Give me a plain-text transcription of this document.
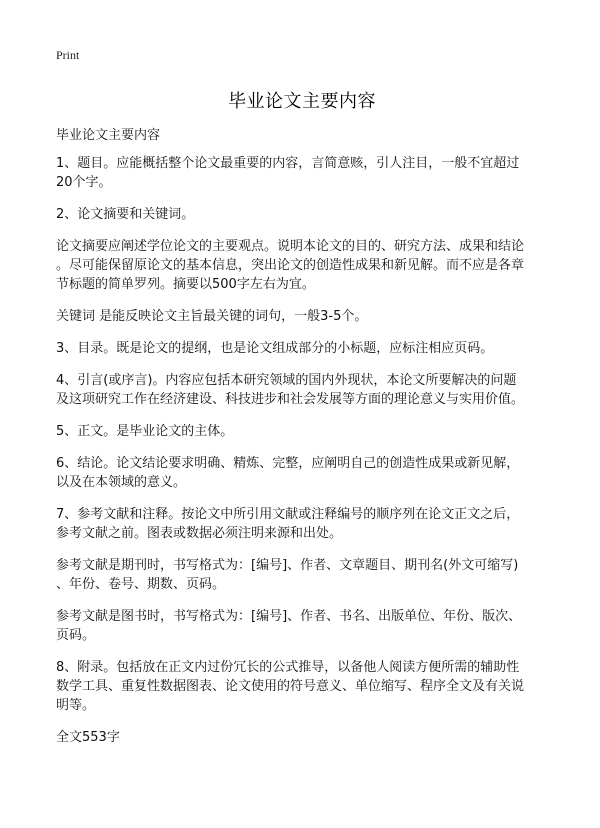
Print

毕业论文主要内容

毕业论文主要内容

1、题目。应能概括整个论文最重要的内容，言简意赅，引人注目，一般不宜超过
20个字。

2、论文摘要和关键词。

论文摘要应阐述学位论文的主要观点。说明本论文的目的、研究方法、成果和结论
。尽可能保留原论文的基本信息，突出论文的创造性成果和新见解。而不应是各章
节标题的简单罗列。摘要以500字左右为宜。

关键词 是能反映论文主旨最关键的词句，一般3-5个。

3、目录。既是论文的提纲，也是论文组成部分的小标题，应标注相应页码。

4、引言(或序言)。内容应包括本研究领域的国内外现状，本论文所要解决的问题
及这项研究工作在经济建设、科技进步和社会发展等方面的理论意义与实用价值。

5、正文。是毕业论文的主体。

6、结论。论文结论要求明确、精炼、完整，应阐明自己的创造性成果或新见解，
以及在本领域的意义。

7、参考文献和注释。按论文中所引用文献或注释编号的顺序列在论文正文之后，
参考文献之前。图表或数据必须注明来源和出处。

参考文献是期刊时，书写格式为：[编号]、作者、文章题目、期刊名(外文可缩写)
、年份、卷号、期数、页码。

参考文献是图书时，书写格式为：[编号]、作者、书名、出版单位、年份、版次、
页码。

8、附录。包括放在正文内过份冗长的公式推导，以备他人阅读方便所需的辅助性
数学工具、重复性数据图表、论文使用的符号意义、单位缩写、程序全文及有关说
明等。

全文553字
